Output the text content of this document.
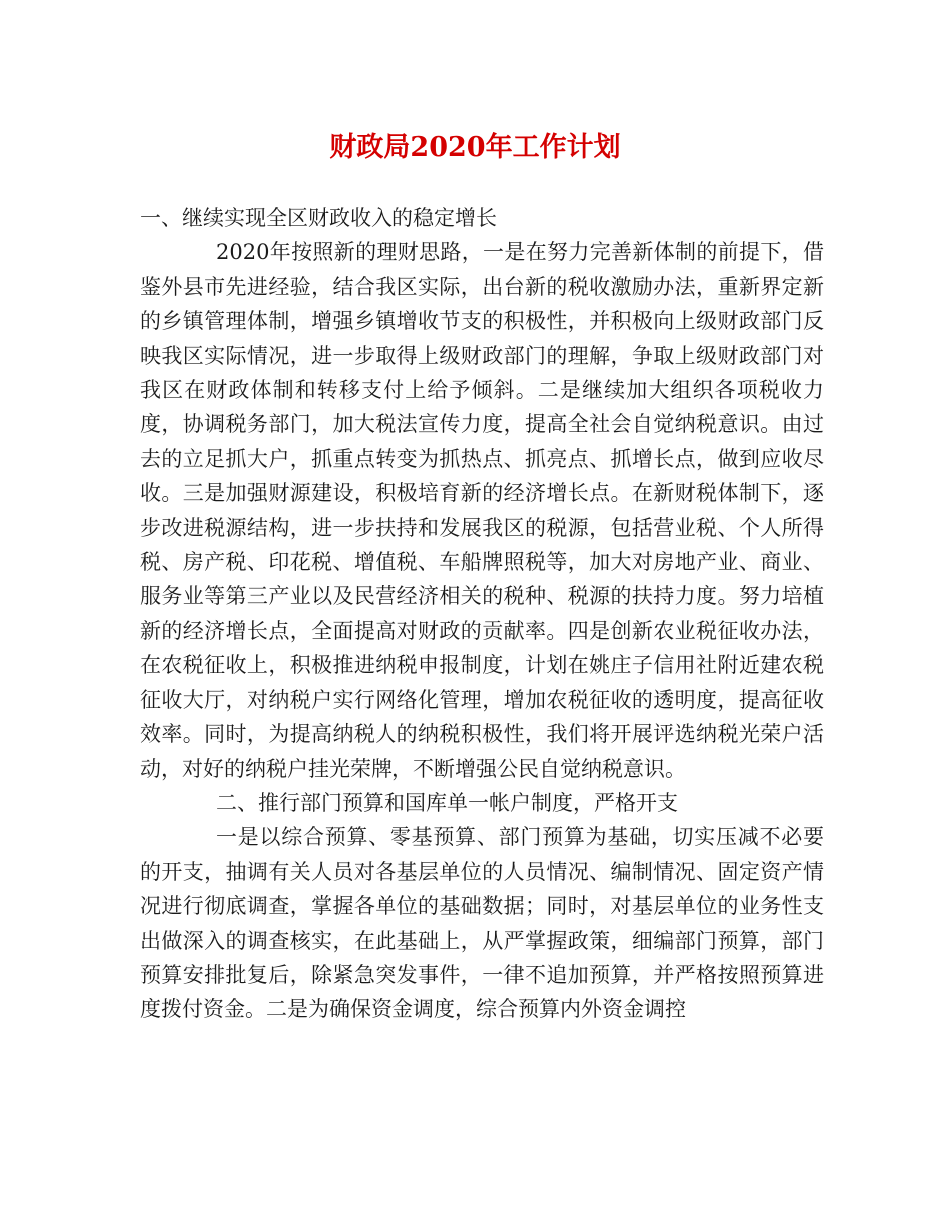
财政局2020年工作计划

一、继续实现全区财政收入的稳定增长

2020年按照新的理财思路，一是在努力完善新体制的前提下，借鉴外县市先进经验，结合我区实际，出台新的税收激励办法，重新界定新的乡镇管理体制，增强乡镇增收节支的积极性，并积极向上级财政部门反映我区实际情况，进一步取得上级财政部门的理解，争取上级财政部门对我区在财政体制和转移支付上给予倾斜。二是继续加大组织各项税收力度，协调税务部门，加大税法宣传力度，提高全社会自觉纳税意识。由过去的立足抓大户，抓重点转变为抓热点、抓亮点、抓增长点，做到应收尽收。三是加强财源建设，积极培育新的经济增长点。在新财税体制下，逐步改进税源结构，进一步扶持和发展我区的税源，包括营业税、个人所得税、房产税、印花税、增值税、车船牌照税等，加大对房地产业、商业、服务业等第三产业以及民营经济相关的税种、税源的扶持力度。努力培植新的经济增长点，全面提高对财政的贡献率。四是创新农业税征收办法，在农税征收上，积极推进纳税申报制度，计划在姚庄子信用社附近建农税征收大厅，对纳税户实行网络化管理，增加农税征收的透明度，提高征收效率。同时，为提高纳税人的纳税积极性，我们将开展评选纳税光荣户活动，对好的纳税户挂光荣牌，不断增强公民自觉纳税意识。

二、推行部门预算和国库单一帐户制度，严格开支

一是以综合预算、零基预算、部门预算为基础，切实压减不必要的开支，抽调有关人员对各基层单位的人员情况、编制情况、固定资产情况进行彻底调查，掌握各单位的基础数据；同时，对基层单位的业务性支出做深入的调查核实，在此基础上，从严掌握政策，细编部门预算，部门预算安排批复后，除紧急突发事件，一律不追加预算，并严格按照预算进度拨付资金。二是为确保资金调度，综合预算内外资金调控
